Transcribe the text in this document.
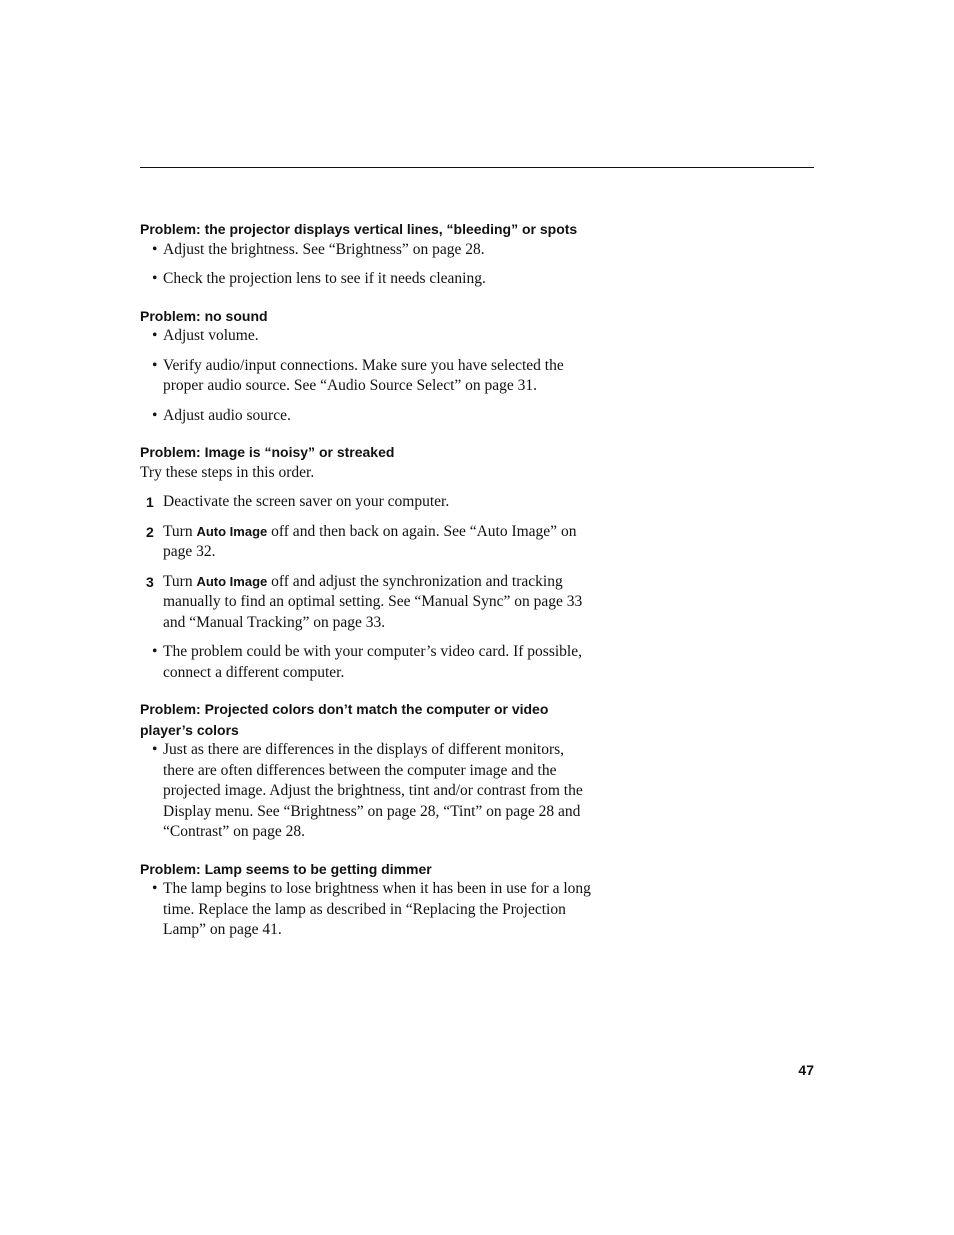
Problem: the projector displays vertical lines, “bleeding” or spots

• Adjust the brightness. See “Brightness” on page 28.

• Check the projection lens to see if it needs cleaning.

Problem: no sound

• Adjust volume.

• Verify audio/input connections. Make sure you have selected the proper audio source. See “Audio Source Select” on page 31.

• Adjust audio source.

Problem: Image is “noisy” or streaked

Try these steps in this order.

1 Deactivate the screen saver on your computer.

2 Turn Auto Image off and then back on again. See “Auto Image” on page 32.

3 Turn Auto Image off and adjust the synchronization and tracking manually to find an optimal setting. See “Manual Sync” on page 33 and “Manual Tracking” on page 33.

• The problem could be with your computer’s video card. If possible, connect a different computer.

Problem: Projected colors don’t match the computer or video player’s colors

• Just as there are differences in the displays of different monitors, there are often differences between the computer image and the projected image. Adjust the brightness, tint and/or contrast from the Display menu. See “Brightness” on page 28, “Tint” on page 28 and “Contrast” on page 28.

Problem: Lamp seems to be getting dimmer

• The lamp begins to lose brightness when it has been in use for a long time. Replace the lamp as described in “Replacing the Projection Lamp” on page 41.

47
